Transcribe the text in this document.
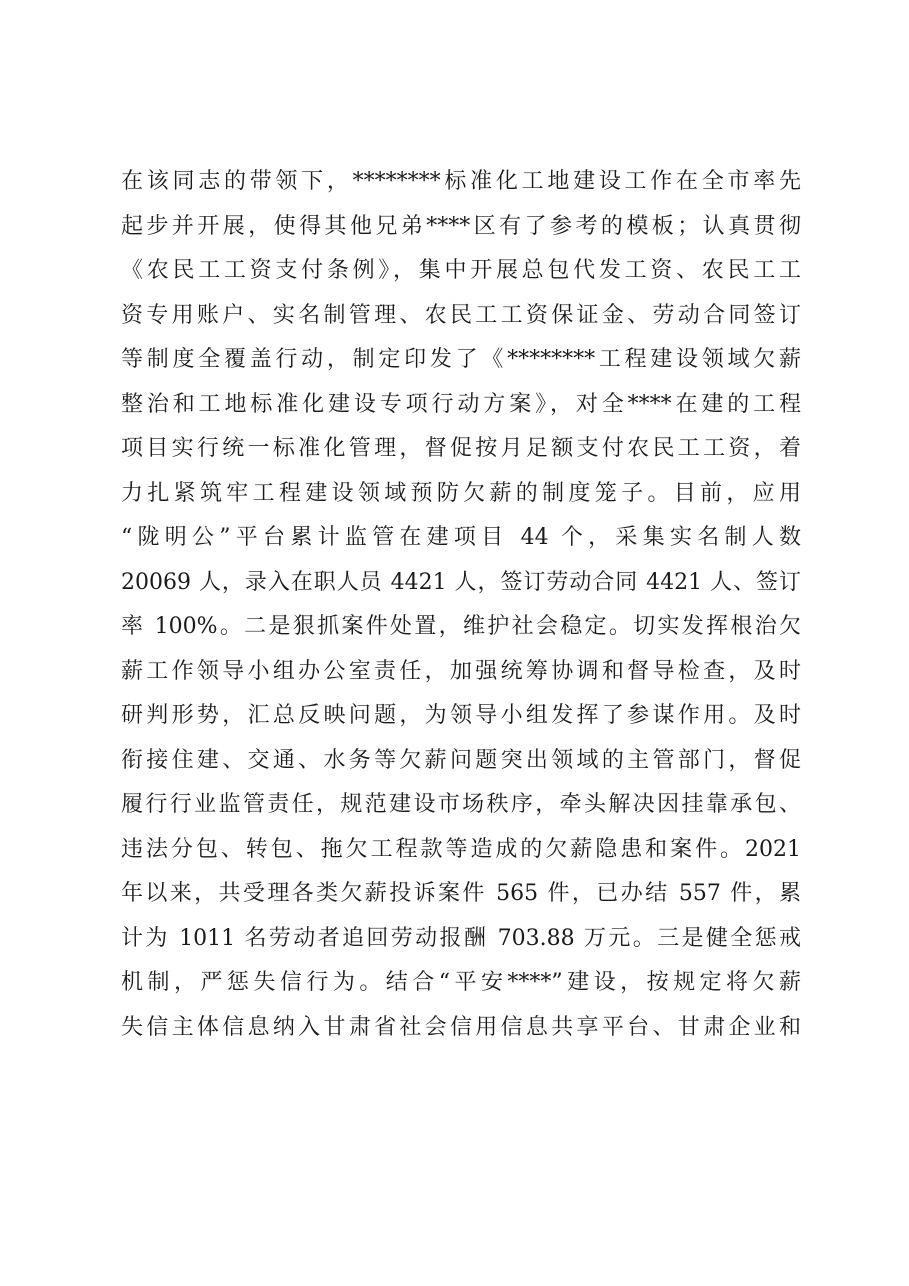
在该同志的带领下，********标准化工地建设工作在全市率先
起步并开展，使得其他兄弟****区有了参考的模板；认真贯彻
《农民工工资支付条例》，集中开展总包代发工资、农民工工
资专用账户、实名制管理、农民工工资保证金、劳动合同签订
等制度全覆盖行动，制定印发了《********工程建设领域欠薪
整治和工地标准化建设专项行动方案》，对全****在建的工程
项目实行统一标准化管理，督促按月足额支付农民工工资，着
力扎紧筑牢工程建设领域预防欠薪的制度笼子。目前，应用
“陇明公”平台累计监管在建项目 44 个，采集实名制人数
20069 人，录入在职人员 4421 人，签订劳动合同 4421 人、签订
率 100%。二是狠抓案件处置，维护社会稳定。切实发挥根治欠
薪工作领导小组办公室责任，加强统筹协调和督导检查，及时
研判形势，汇总反映问题，为领导小组发挥了参谋作用。及时
衔接住建、交通、水务等欠薪问题突出领域的主管部门，督促
履行行业监管责任，规范建设市场秩序，牵头解决因挂靠承包、
违法分包、转包、拖欠工程款等造成的欠薪隐患和案件。2021
年以来，共受理各类欠薪投诉案件 565 件，已办结 557 件，累
计为 1011 名劳动者追回劳动报酬 703.88 万元。三是健全惩戒
机制，严惩失信行为。结合“平安****”建设，按规定将欠薪
失信主体信息纳入甘肃省社会信用信息共享平台、甘肃企业和
